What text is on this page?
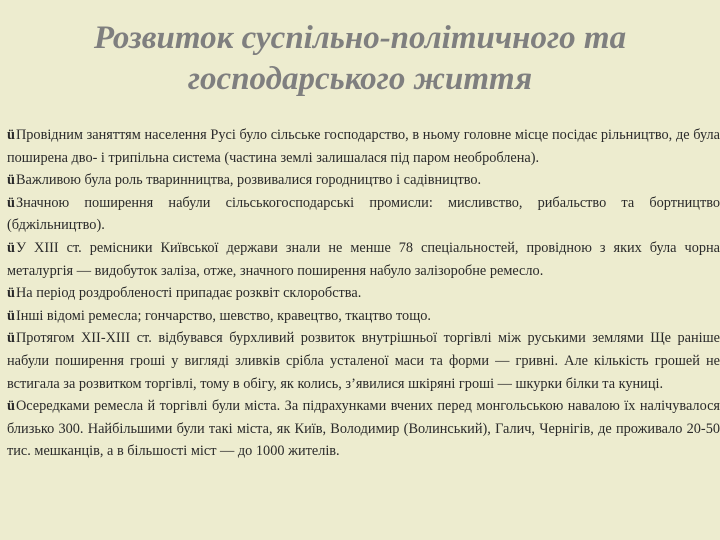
Розвиток суспільно-політичного та
господарського життя

üПровідним заняттям населення Русі було сільське господарство, в ньому головне місце посідає рільництво, де була поширена дво- і трипільна система (частина землі залишалася під паром необроблена).

üВажливою була роль тваринництва, розвивалися городництво і садівництво.

üЗначною поширення набули сільськогосподарські промисли: мисливство, рибальство та бортництво (бджільництво).

üУ ХІІІ ст. ремісники Київської держави знали не менше 78 спеціальностей, провідною з яких була чорна металургія — видобуток заліза, отже, значного поширення набуло залізоробне ремесло.

üНа період роздробленості припадає розквіт склоробства.

üІнші відомі ремесла; гончарство, шевство, кравецтво, ткацтво тощо.

üПротягом ХІІ-ХІІІ ст. відбувався бурхливий розвиток внутрішньої торгівлі між руськими землями Ще раніше набули поширення гроші у вигляді зливків срібла усталеної маси та форми — гривні. Але кількість грошей не встигала за розвитком торгівлі, тому в обігу, як колись, з’явилися шкіряні гроші — шкурки білки та куниці.

üОсередками ремесла й торгівлі були міста. За підрахунками вчених перед монгольською навалою їх налічувалося близько 300. Найбільшими були такі міста, як Київ, Володимир (Волинський), Галич, Чернігів, де проживало 20-50 тис. мешканців, а в більшості міст — до 1000 жителів.
